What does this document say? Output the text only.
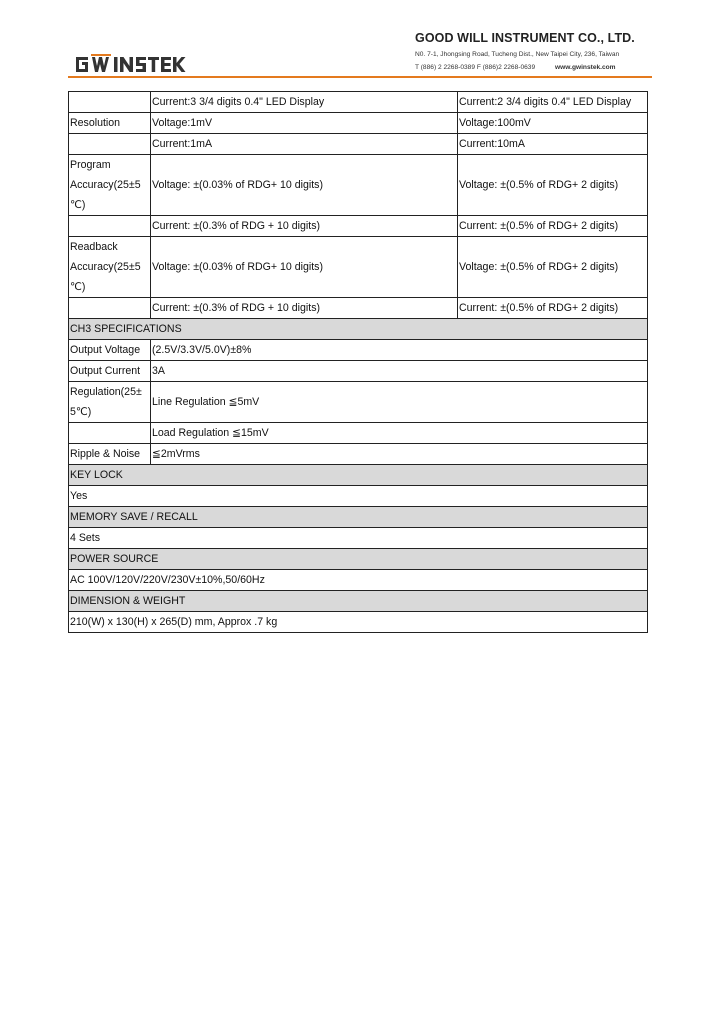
GOOD WILL INSTRUMENT CO., LTD.
N0. 7-1, Jhongsing Road, Tucheng Dist., New Taipei City, 236, Taiwan
T (886) 2 2268-0389 F (886)2 2268-0639	www.gwinstek.com
	Current:3 3/4 digits 0.4" LED Display	Current:2 3/4 digits 0.4" LED Display
Resolution	Voltage:1mV	Voltage:100mV
	Current:1mA	Current:10mA
Program
Accuracy(25±5
℃)	Voltage: ±(0.03% of RDG+ 10 digits)	Voltage: ±(0.5% of RDG+ 2 digits)
	Current: ±(0.3% of RDG + 10 digits)	Current: ±(0.5% of RDG+ 2 digits)
Readback
Accuracy(25±5
℃)	Voltage: ±(0.03% of RDG+ 10 digits)	Voltage: ±(0.5% of RDG+ 2 digits)
	Current: ±(0.3% of RDG + 10 digits)	Current: ±(0.5% of RDG+ 2 digits)
CH3 SPECIFICATIONS		
Output Voltage	(2.5V/3.3V/5.0V)±8%	
Output Current	3A	
Regulation(25±
5℃)	Line Regulation ≦5mV	
	Load Regulation ≦15mV	
Ripple & Noise	≦2mVrms	
KEY LOCK		
Yes		
MEMORY SAVE / RECALL		
4 Sets		
POWER SOURCE		
AC 100V/120V/220V/230V±10%,50/60Hz		
DIMENSION & WEIGHT		
210(W) x 130(H) x 265(D) mm, Approx .7 kg		
